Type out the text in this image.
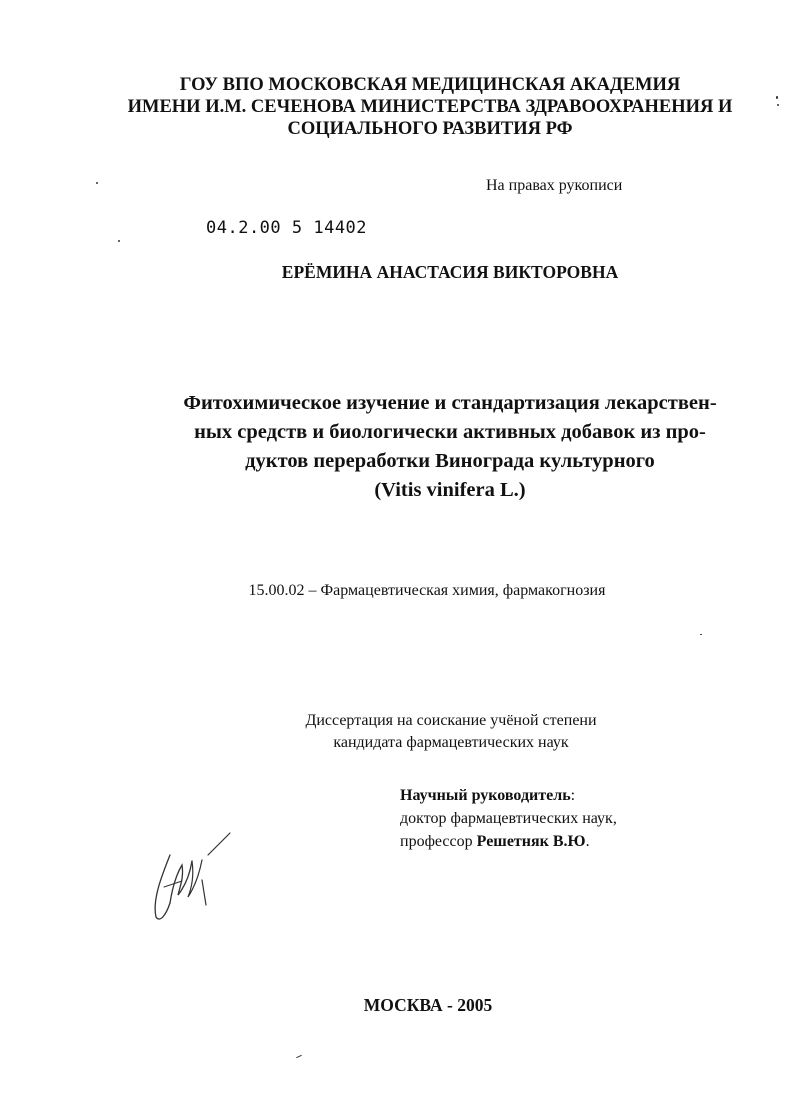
ГОУ ВПО МОСКОВСКАЯ МЕДИЦИНСКАЯ АКАДЕМИЯ
ИМЕНИ И.М. СЕЧЕНОВА МИНИСТЕРСТВА ЗДРАВООХРАНЕНИЯ И
СОЦИАЛЬНОГО РАЗВИТИЯ РФ
На правах рукописи
04.2.00 5 14402
ЕРЁМИНА АНАСТАСИЯ ВИКТОРОВНА
Фитохимическое изучение и стандартизация лекарствен-
ных средств и биологически активных добавок из про-
дуктов переработки Винограда культурного
(Vitis vinifera L.)
15.00.02 – Фармацевтическая химия, фармакогнозия
Диссертация на соискание учёной степени
кандидата фармацевтических наук
Научный руководитель:
доктор фармацевтических наук,
профессор Решетняк В.Ю.
МОСКВА - 2005
